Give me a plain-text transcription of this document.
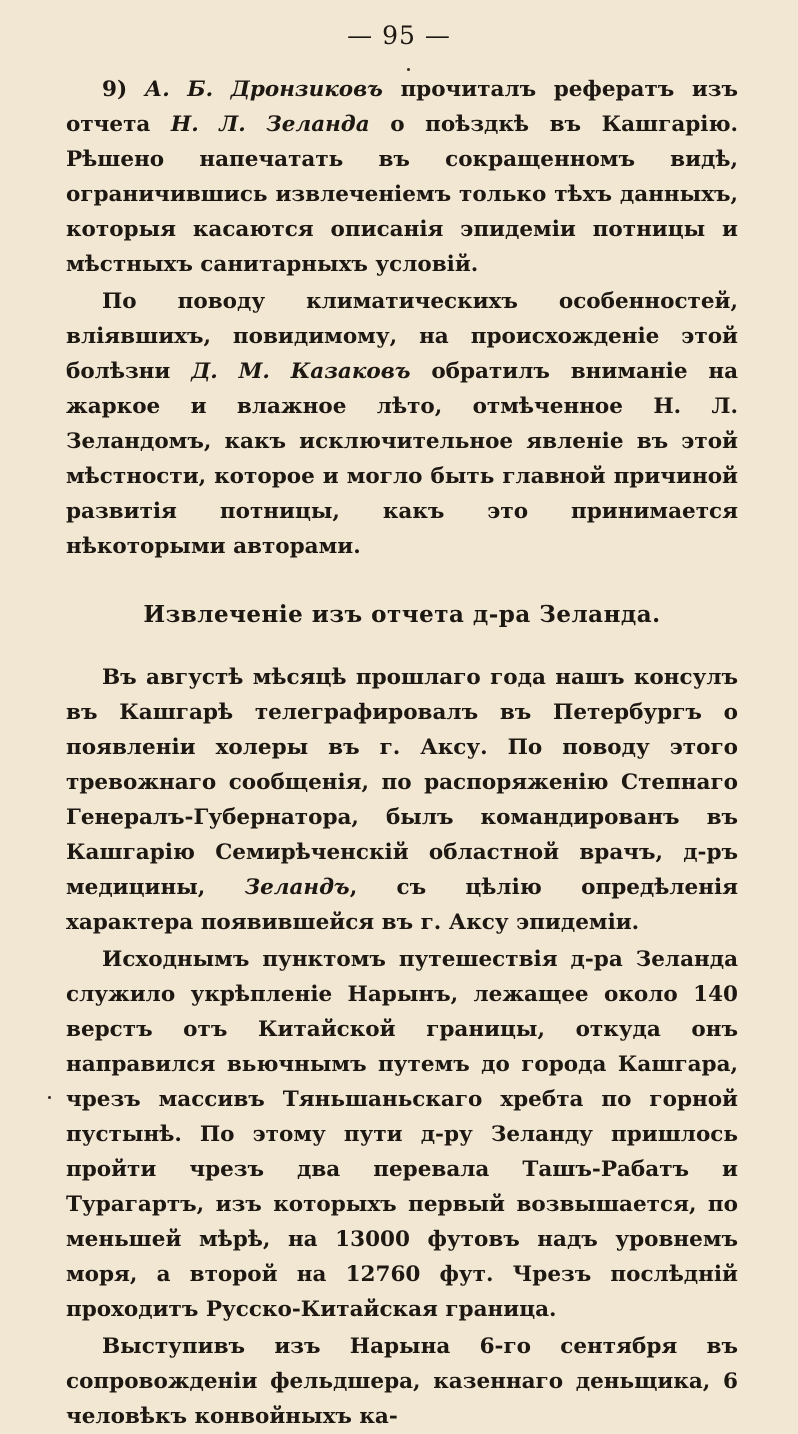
— 95 —

9) А. Б. Дронзиковъ прочиталъ рефератъ изъ отчета Н. Л. Зеланда о поѣздкѣ въ Кашгарію. Рѣшено напечатать въ сокращенномъ видѣ, ограничившись извлеченіемъ только тѣхъ данныхъ, которыя касаются описанія эпидеміи потницы и мѣстныхъ санитарныхъ условій.

По поводу климатическихъ особенностей, вліявшихъ, повидимому, на происхожденіе этой болѣзни Д. М. Казаковъ обратилъ вниманіе на жаркое и влажное лѣто, отмѣченное Н. Л. Зеландомъ, какъ исключительное явленіе въ этой мѣстности, которое и могло быть главной причиной развитія потницы, какъ это принимается нѣкоторыми авторами.

Извлеченіе изъ отчета д-ра Зеланда.

Въ августѣ мѣсяцѣ прошлаго года нашъ консулъ въ Кашгарѣ телеграфировалъ въ Петербургъ о появленіи холеры въ г. Аксу. По поводу этого тревожнаго сообщенія, по распоряженію Степнаго Генералъ-Губернатора, былъ командированъ въ Кашгарію Семирѣченскій областной врачъ, д-ръ медицины, Зеландъ, съ цѣлію опредѣленія характера появившейся въ г. Аксу эпидеміи.

Исходнымъ пунктомъ путешествія д-ра Зеланда служило укрѣпленіе Нарынъ, лежащее около 140 верстъ отъ Китайской границы, откуда онъ направился вьючнымъ путемъ до города Кашгара, чрезъ массивъ Тяньшаньскаго хребта по горной пустынѣ. По этому пути д-ру Зеланду пришлось пройти чрезъ два перевала Ташъ-Рабатъ и Турагартъ, изъ которыхъ первый возвышается, по меньшей мѣрѣ, на 13000 футовъ надъ уровнемъ моря, а второй на 12760 фут. Чрезъ послѣдній проходитъ Русско-Китайская граница.

Выступивъ изъ Нарына 6-го сентября въ сопровожденіи фельдшера, казеннаго деньщика, 6 человѣкъ конвойныхъ ка-
